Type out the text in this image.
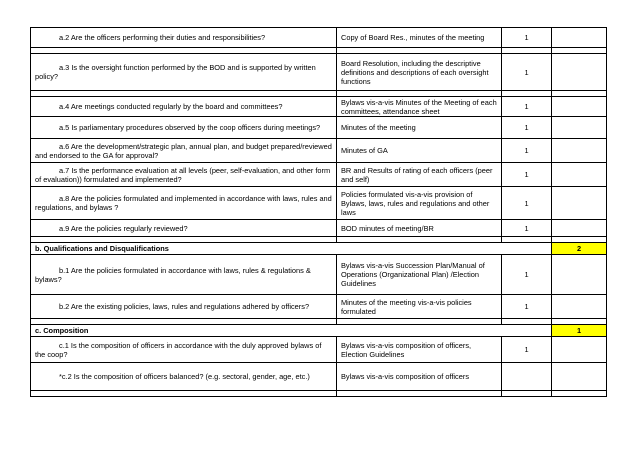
a.2 Are the officers performing their duties and responsibilities?	Copy of Board Res., minutes of the meeting	1	

a.3 Is the oversight function performed by the BOD and is supported by written policy?	Board Resolution, including the descriptive definitions and descriptions of each oversight functions	1	

a.4 Are meetings conducted regularly by the board and committees?	Bylaws vis-a-vis Minutes of the Meeting of each committees, attendance sheet	1	
a.5 Is parliamentary procedures observed by the coop officers during meetings?	Minutes of the meeting	1	
a.6 Are the development/strategic plan, annual plan, and budget prepared/reviewed and endorsed to the GA for approval?	Minutes of GA	1	
a.7 Is the performance evaluation at all levels (peer, self-evaluation, and other form of evaluation)) formulated and implemented?	BR and Results of rating of each officers (peer and self)	1	
a.8 Are the policies formulated and implemented in accordance with laws, rules and regulations, and bylaws ?	Policies formulated vis-a-vis provision of Bylaws, laws, rules and regulations and other laws	1	
a.9 Are the policies regularly reviewed?	BOD minutes of meeting/BR	1	

b. Qualifications and Disqualifications			2
b.1 Are the policies formulated in accordance with laws, rules & regulations & bylaws?	Bylaws vis-a-vis Succession Plan/Manual of Operations (Organizational Plan) /Election Guidelines	1	
b.2 Are the existing policies, laws, rules and regulations adhered by officers?	Minutes of the meeting vis-a-vis policies formulated	1	

c. Composition			1
c.1 Is the composition of officers in accordance with the duly approved bylaws of the coop?	Bylaws vis-a-vis composition of officers, Election Guidelines	1	
*c.2 Is the composition of officers balanced? (e.g. sectoral, gender, age, etc.)	Bylaws vis-a-vis composition of officers		
